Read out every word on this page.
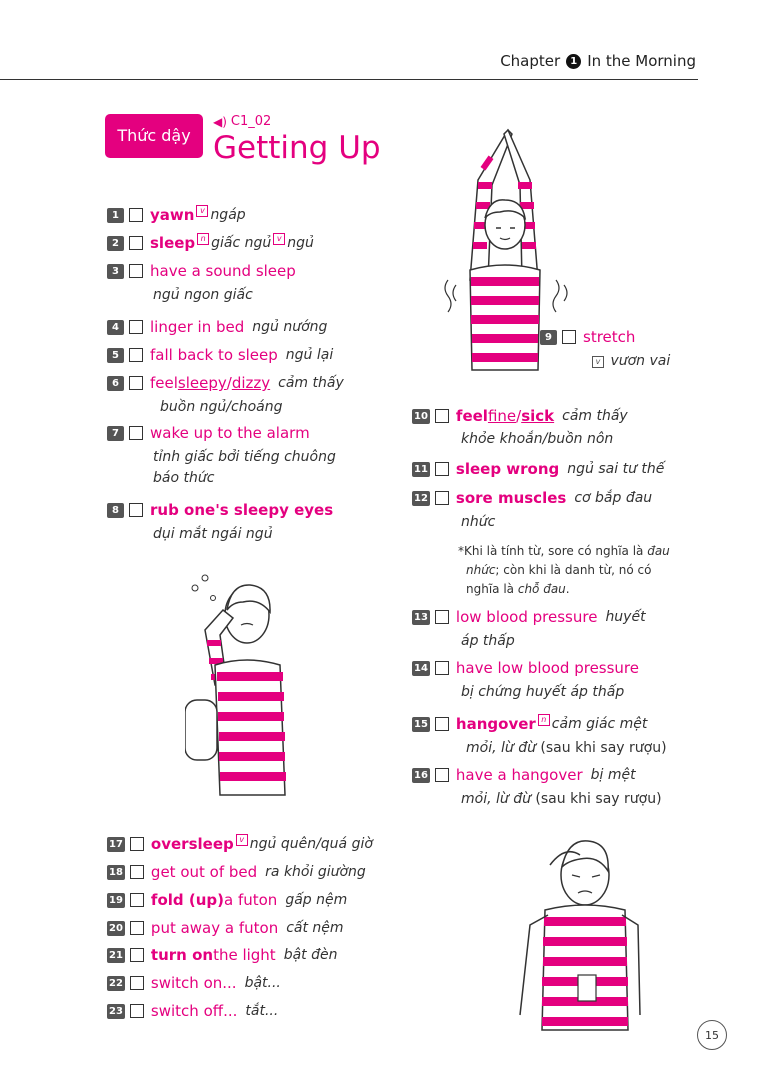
Chapter	1 In the Morning
Thức dậy
◀) C1_02
Getting Up
1	yawn v ngáp
2	sleep n giấc ngủ v ngủ
3	have a sound sleep
ngủ ngon giấc
4	linger in bed ngủ nướng
5	fall back to sleep ngủ lại
6	feel sleepy / dizzy cảm thấy
buồn ngủ/choáng
7	wake up to the alarm
tỉnh giấc bởi tiếng chuông
báo thức
8	rub one's sleepy eyes
dụi mắt ngái ngủ
9	stretch
v vươn vai
10 feel fine / sick cảm thấy
khỏe khoắn/buồn nôn
11 sleep wrong ngủ sai tư thế
12 sore muscles cơ bắp đau
nhức
*Khi là tính từ, sore có nghĩa là đau
nhức; còn khi là danh từ, nó có
nghĩa là chỗ đau.
13 low blood pressure huyết
áp thấp
14 have low blood pressure
bị chứng huyết áp thấp
15 hangover n cảm giác mệt
mỏi, lừ đừ (sau khi say rượu)
16 have a hangover bị mệt
mỏi, lừ đừ (sau khi say rượu)
17 oversleep v ngủ quên/quá giờ
18 get out of bed ra khỏi giường
19 fold (up) a futon gấp nệm
20 put away a futon cất nệm
21 turn on the light bật đèn
22 switch on... bật...
23 switch off... tắt...
15
